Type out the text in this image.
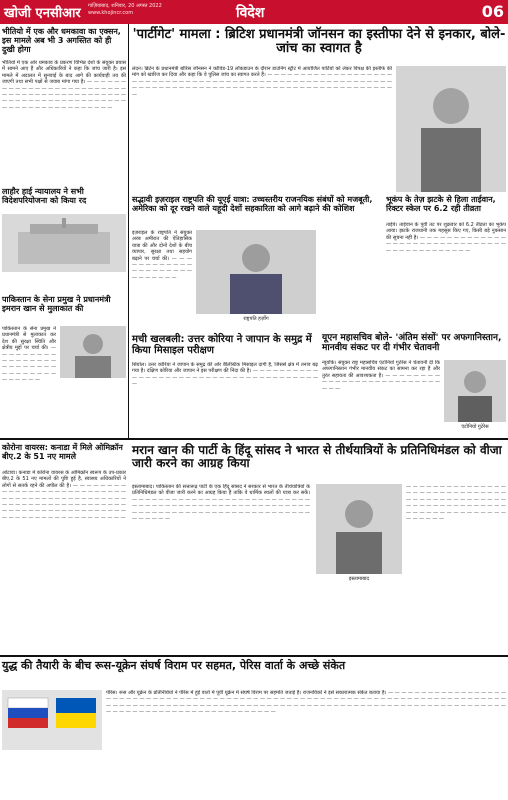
खोजी एनसीआर गाज़ियाबाद, शनिवार, 20 अगस्त 2022
www.khojincr.com	विदेश	06
भीतियो में एक और धमकावा का एक्सन, इस मामले अब भी 3 अगस्तित को ही दुखी होगा
भीतियो में एक ओर धमकाव के प्रकरण विभिन्न देशों के संयुक्त प्रयास में सामने आए हैं और अधिकारियों ने कहा कि जांच जारी है। इस मामले में अदालत में सुनवाई के बाद आगे की कार्यवाही तय की जाएगी तथा सभी पक्षों से जवाब मांगा गया है। — — — — — — — — — — — — — — — — — — — — — — — — — — — — — — — — — — — — — — — — — — — — — — — — — — — — — — — — — — — — — — — — — — — — — — — — — — — — — — — —
लाहौर हाई न्यायालय ने सभी विदेशपरियोजना को किया रद
पाकिस्तान के सेना प्रमुख ने प्रधानमंत्री इमरान खान से मुलाकात की
पाकिस्तान के सेना प्रमुख ने प्रधानमंत्री से मुलाकात कर देश की सुरक्षा स्थिति और क्षेत्रीय मुद्दों पर चर्चा की। — — — — — — — — — — — — — — — — — — — — — — — — — — — — — — — — — — — — — — —
'पार्टीगेट' मामला : ब्रिटिश प्रधानमंत्री जॉनसन का इस्तीफा देने से इनकार, बोले- जांच का स्वागत है
लंदन। ब्रिटेन के प्रधानमंत्री बोरिस जॉनसन ने कोविड-19 लॉकडाउन के दौरान डाउनिंग स्ट्रीट में आयोजित पार्टियों को लेकर विपक्ष की इस्तीफे की मांग को खारिज कर दिया और कहा कि वे पुलिस जांच का स्वागत करते हैं। — — — — — — — — — — — — — — — — — — — — — — — — — — — — — — — — — — — — — — — — — — — — — — — — — — — — — — — — — — — — — — — — — — — — — — — — — — — — — — — — — — — — — — — — — — — — — — — — — —
सद्भावी इज़राइल राष्ट्रपति की यूएई यात्रा: उच्चस्तरीय राजनयिक संबंधों को मजबूती, अमेरिका को दूर रखने वाले यहूदी देशों सहकारिता को आगे बढ़ाने की कोशिश
राष्ट्रपति हर्ज़ोग
इज़राइल के राष्ट्रपति ने संयुक्त अरब अमीरात की ऐतिहासिक यात्रा की और दोनों देशों के बीच व्यापार, सुरक्षा तथा सहयोग बढ़ाने पर चर्चा की। — — — — — — — — — — — — — — — — — — — — — — — — — — — —
भूकंप के तेज़ झटके से हिला ताईवान, रिक्टर स्केल पर 6.2 रही तीव्रता
ताईपे। ताईवान के पूर्वी तट पर शुक्रवार को 6.2 तीव्रता का भूकंप आया। झटके राजधानी तक महसूस किए गए, किसी बड़े नुकसान की सूचना नहीं है। — — — — — — — — — — — — — — — — — — — — — — — — — — — — — — — — — — — — — — — — — — — —
मची खलबली: उत्तर कोरिया ने जापान के समुद्र में किया मिसाइल परीक्षण
सियोल। उत्तर कोरिया ने जापान के समुद्र की ओर बैलिस्टिक मिसाइल दागी है, जिससे क्षेत्र में तनाव बढ़ गया है। दक्षिण कोरिया और जापान ने इस परीक्षण की निंदा की है। — — — — — — — — — — — — — — — — — — — — — — — — — — — — — — — — — — — — — — —
यूएन महासचिव बोले- 'अंतिम संसों' पर अफगानिस्तान, मानवीय संकट पर दी गंभीर चेतावनी
न्यूयॉर्क। संयुक्त राष्ट्र महासचिव एंटोनियो गुटेरेस ने चेतावनी दी कि अफगानिस्तान गंभीर मानवीय संकट का सामना कर रहा है और तुरंत सहायता की आवश्यकता है। — — — — — — — — — — — — — — — — — — — — — — — — — — — — —
एंटोनियो गुटेरेस
कोरोना वायरस: कनाडा में मिले ओमिक्रॉन बीए.2 के 51 नए मामले
ओटावा। कनाडा में कोरोना वायरस के ओमिक्रॉन स्वरूप के उप-प्रकार बीए.2 के 51 नए मामलों की पुष्टि हुई है, स्वास्थ्य अधिकारियों ने लोगों से सतर्क रहने की अपील की है। — — — — — — — — — — — — — — — — — — — — — — — — — — — — — — — — — — — — — — — — — — — — — — — — — — — — — — — — — — — — — — — — — — — — — — — — — — — — — — — — — — — — — — — — — — — — — — — — — — — — — — —
मरान खान की पार्टी के हिंदू सांसद ने भारत से तीर्थयात्रियों के प्रतिनिधिमंडल को वीजा जारी करने का आग्रह किया
इस्लामाबाद। पाकिस्तान की सत्तारूढ़ पार्टी के एक हिंदू सांसद ने सरकार से भारत के तीर्थयात्रियों के प्रतिनिधिमंडल को वीजा जारी करने का आग्रह किया है ताकि वे धार्मिक स्थलों की यात्रा कर सकें। — — — — — — — — — — — — — — — — — — — — — — — — — — — — — — — — — — — — — — — — — — — — — — — — — — — — — — — — — — — — — — — — — — — — — — — — — — — — — — — — — — — — — — —
इस्लामाबाद
— — — — — — — — — — — — — — — — — — — — — — — — — — — — — — — — — — — — — — — — — — — — — — — — — — — — — — — — — — — — — — — — — — — — — — — — — — — — — — — — —
युद्ध की तैयारी के बीच रूस-यूक्रेन संघर्ष विराम पर सहमत, पेरिस वार्ता के अच्छे संकेत
पेरिस। रूस और यूक्रेन के प्रतिनिधियों ने पेरिस में हुई वार्ता में पूर्वी यूक्रेन में संघर्ष विराम पर सहमति जताई है। राजनयिकों ने इसे सकारात्मक संकेत बताया है। — — — — — — — — — — — — — — — — — — — — — — — — — — — — — — — — — — — — — — — — — — — — — — — — — — — — — — — — — — — — — — — — — — — — — — — — — — — — — — — — — — — — — — — — — — — — — — — — — — — — — — — — — — — — — — — — — — — — — — — — — — — — — — — — — — — — — — — — — — — — — — — — — — — — — — — — — — — — — — — — — — — —
